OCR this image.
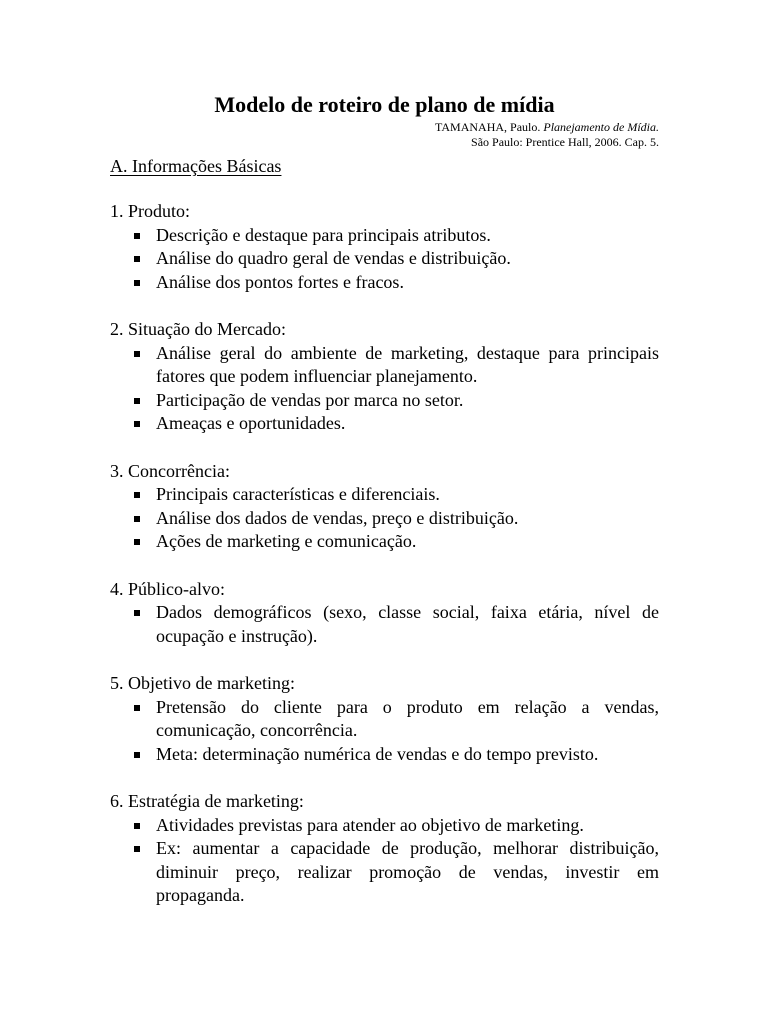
Modelo de roteiro de plano de mídia
TAMANAHA, Paulo. Planejamento de Mídia.
São Paulo: Prentice Hall, 2006. Cap. 5.
A. Informações Básicas
1. Produto:
Descrição e destaque para principais atributos.
Análise do quadro geral de vendas e distribuição.
Análise dos pontos fortes e fracos.
2. Situação do Mercado:
Análise geral do ambiente de marketing, destaque para principais fatores que podem influenciar planejamento.
Participação de vendas por marca no setor.
Ameaças e oportunidades.
3. Concorrência:
Principais características e diferenciais.
Análise dos dados de vendas, preço e distribuição.
Ações de marketing e comunicação.
4. Público-alvo:
Dados demográficos (sexo, classe social, faixa etária, nível de ocupação e instrução).
5. Objetivo de marketing:
Pretensão do cliente para o produto em relação a vendas, comunicação, concorrência.
Meta: determinação numérica de vendas e do tempo previsto.
6. Estratégia de marketing:
Atividades previstas para atender ao objetivo de marketing.
Ex: aumentar a capacidade de produção, melhorar distribuição, diminuir preço, realizar promoção de vendas, investir em propaganda.
